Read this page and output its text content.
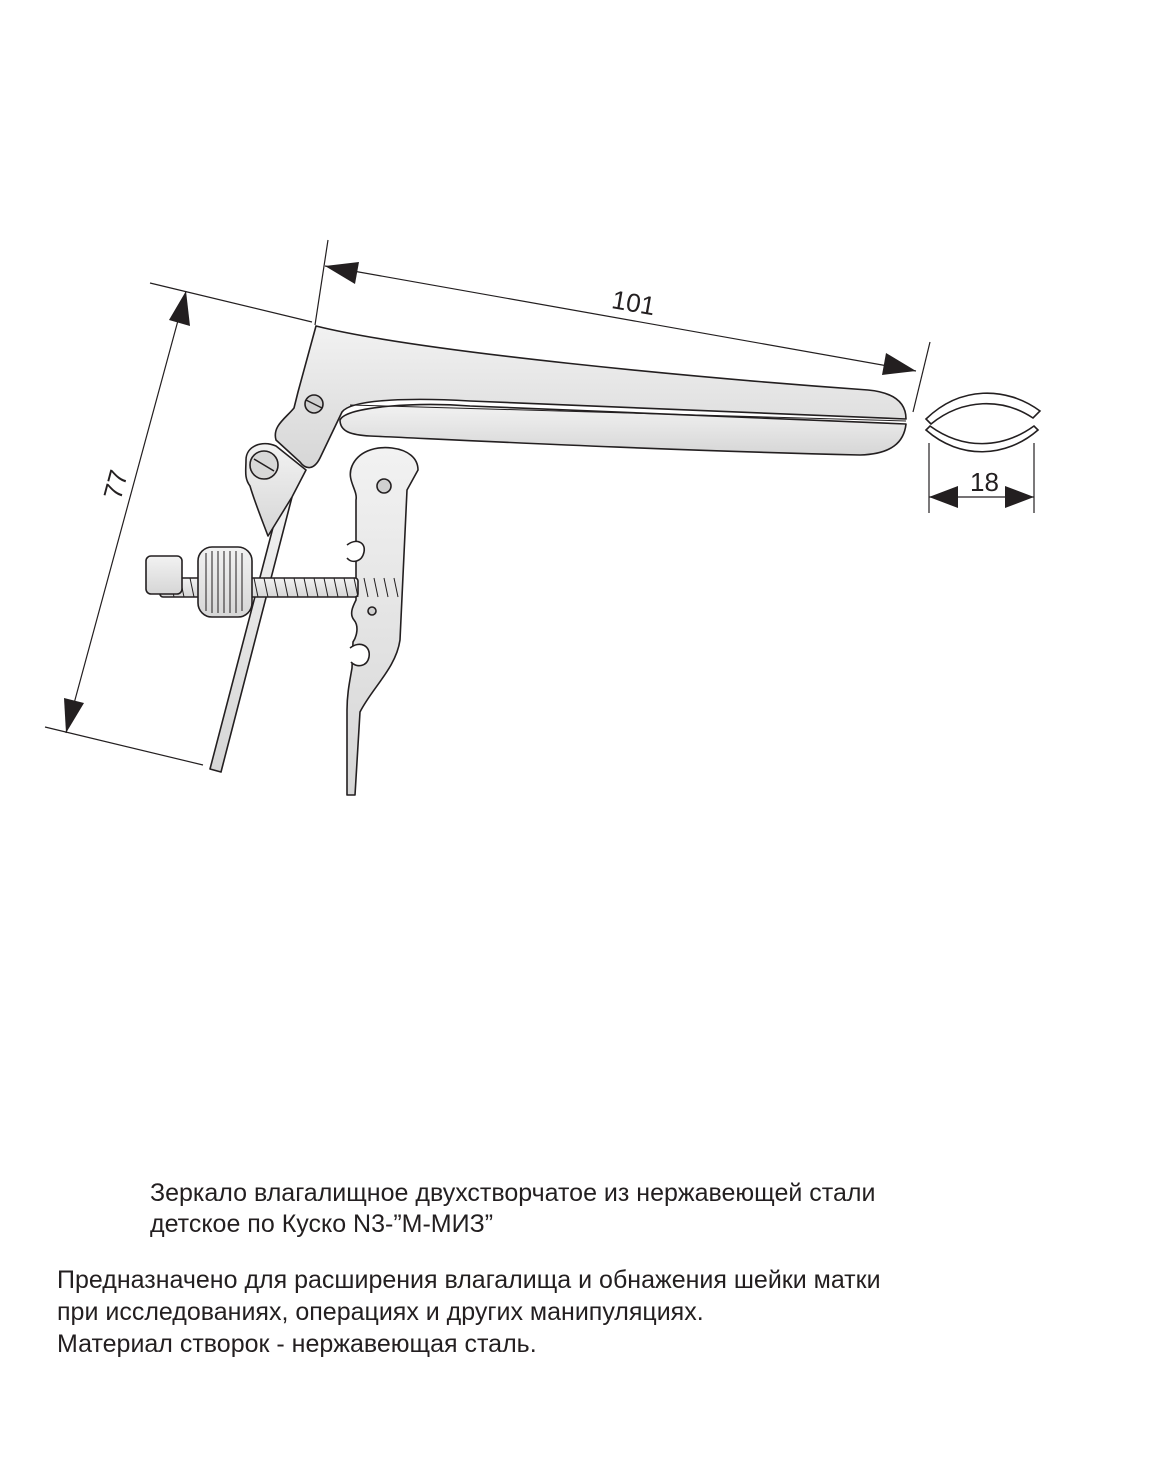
101
77	18
Зеркало влагалищное двухстворчатое из нержавеющей стали
детское по Куско N3-”М-МИЗ”
Предназначено для расширения влагалища и обнажения шейки матки
при исследованиях, операциях и других манипуляциях.
Материал створок - нержавеющая сталь.
